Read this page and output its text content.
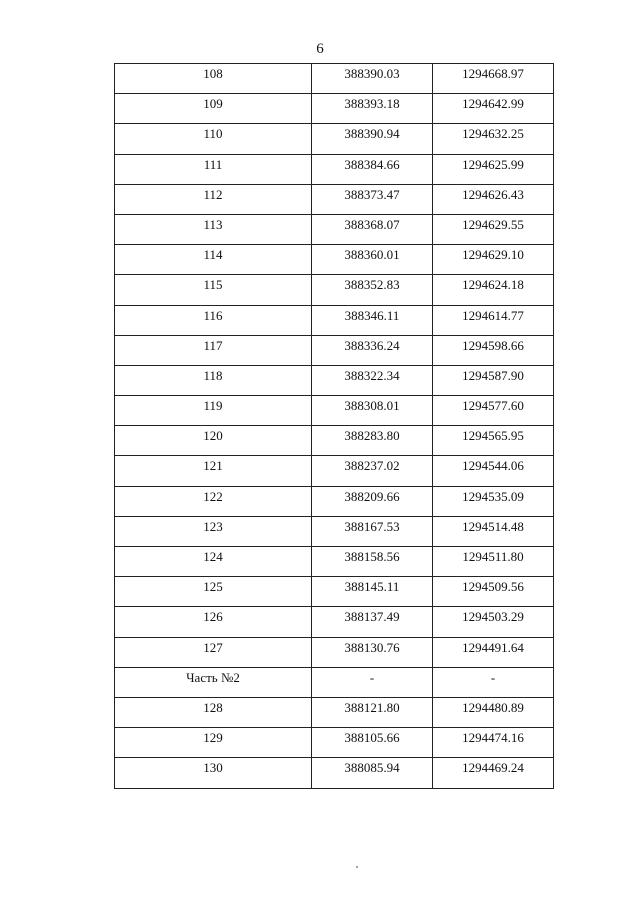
6
108	388390.03	1294668.97
109	388393.18	1294642.99
110	388390.94	1294632.25
111	388384.66	1294625.99
112	388373.47	1294626.43
113	388368.07	1294629.55
114	388360.01	1294629.10
115	388352.83	1294624.18
116	388346.11	1294614.77
117	388336.24	1294598.66
118	388322.34	1294587.90
119	388308.01	1294577.60
120	388283.80	1294565.95
121	388237.02	1294544.06
122	388209.66	1294535.09
123	388167.53	1294514.48
124	388158.56	1294511.80
125	388145.11	1294509.56
126	388137.49	1294503.29
127	388130.76	1294491.64
Часть №2	-	-
128	388121.80	1294480.89
129	388105.66	1294474.16
130	388085.94	1294469.24
